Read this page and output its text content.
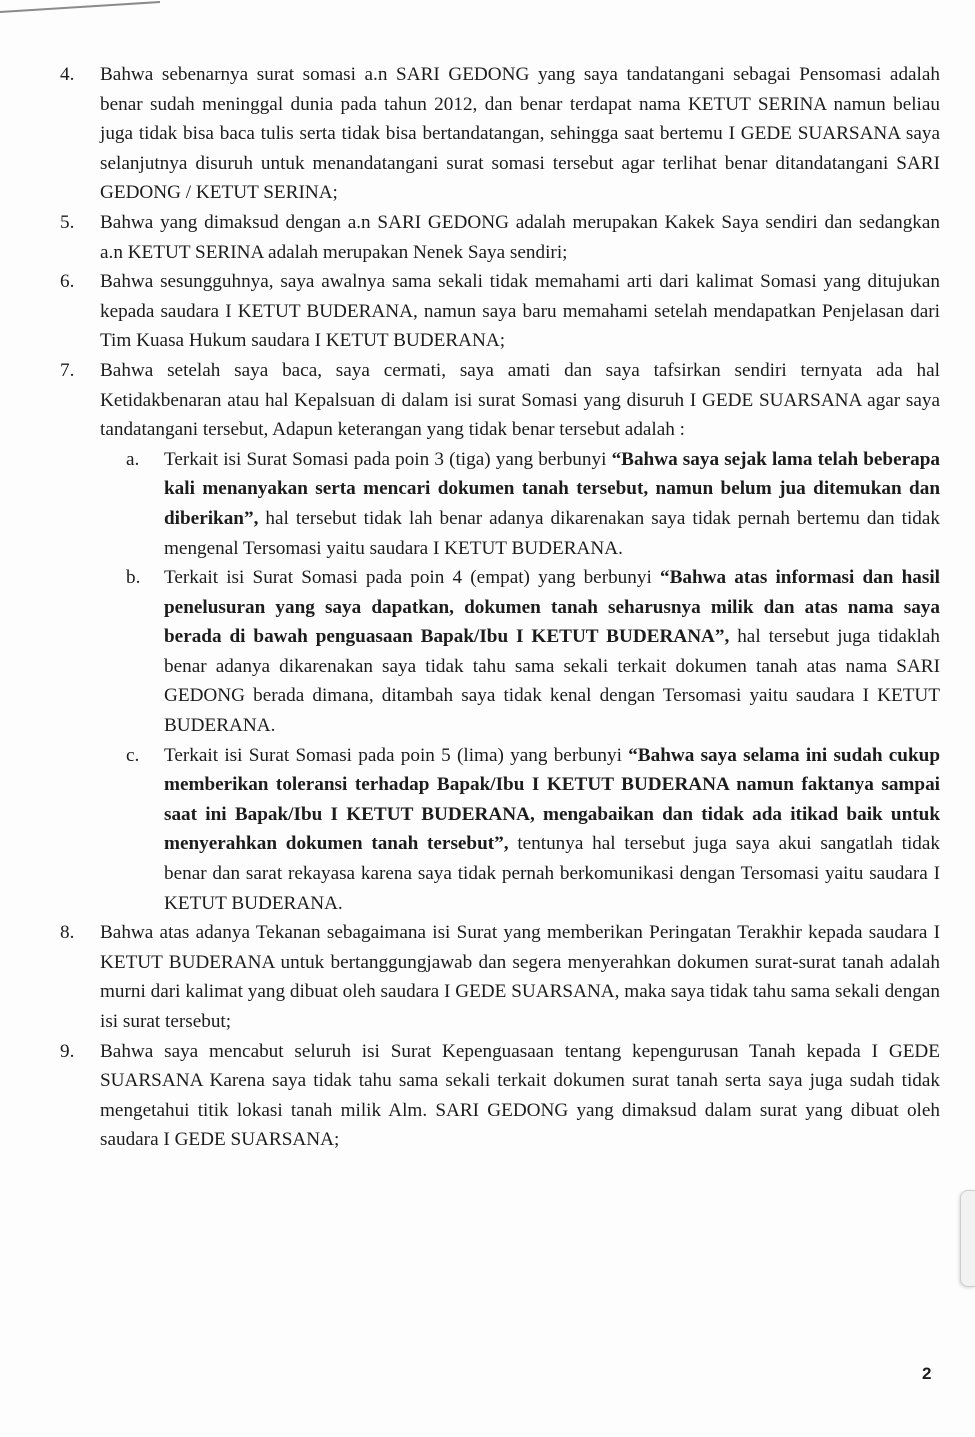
4. Bahwa sebenarnya surat somasi a.n SARI GEDONG yang saya tandatangani sebagai Pensomasi adalah benar sudah meninggal dunia pada tahun 2012, dan benar terdapat nama KETUT SERINA namun beliau juga tidak bisa baca tulis serta tidak bisa bertandatangan, sehingga saat bertemu I GEDE SUARSANA saya selanjutnya disuruh untuk menandatangani surat somasi tersebut agar terlihat benar ditandatangani SARI GEDONG / KETUT SERINA;

5. Bahwa yang dimaksud dengan a.n SARI GEDONG adalah merupakan Kakek Saya sendiri dan sedangkan a.n KETUT SERINA adalah merupakan Nenek Saya sendiri;

6. Bahwa sesungguhnya, saya awalnya sama sekali tidak memahami arti dari kalimat Somasi yang ditujukan kepada saudara I KETUT BUDERANA, namun saya baru memahami setelah mendapatkan Penjelasan dari Tim Kuasa Hukum saudara I KETUT BUDERANA;

7. Bahwa setelah saya baca, saya cermati, saya amati dan saya tafsirkan sendiri ternyata ada hal Ketidakbenaran atau hal Kepalsuan di dalam isi surat Somasi yang disuruh I GEDE SUARSANA agar saya tandatangani tersebut, Adapun keterangan yang tidak benar tersebut adalah :

a. Terkait isi Surat Somasi pada poin 3 (tiga) yang berbunyi “Bahwa saya sejak lama telah beberapa kali menanyakan serta mencari dokumen tanah tersebut, namun belum jua ditemukan dan diberikan”, hal tersebut tidak lah benar adanya dikarenakan saya tidak pernah bertemu dan tidak mengenal Tersomasi yaitu saudara I KETUT BUDERANA.

b. Terkait isi Surat Somasi pada poin 4 (empat) yang berbunyi “Bahwa atas informasi dan hasil penelusuran yang saya dapatkan, dokumen tanah seharusnya milik dan atas nama saya berada di bawah penguasaan Bapak/Ibu I KETUT BUDERANA”, hal tersebut juga tidaklah benar adanya dikarenakan saya tidak tahu sama sekali terkait dokumen tanah atas nama SARI GEDONG berada dimana, ditambah saya tidak kenal dengan Tersomasi yaitu saudara I KETUT BUDERANA.

c. Terkait isi Surat Somasi pada poin 5 (lima) yang berbunyi “Bahwa saya selama ini sudah cukup memberikan toleransi terhadap Bapak/Ibu I KETUT BUDERANA namun faktanya sampai saat ini Bapak/Ibu I KETUT BUDERANA, mengabaikan dan tidak ada itikad baik untuk menyerahkan dokumen tanah tersebut”, tentunya hal tersebut juga saya akui sangatlah tidak benar dan sarat rekayasa karena saya tidak pernah berkomunikasi dengan Tersomasi yaitu saudara I KETUT BUDERANA.

8. Bahwa atas adanya Tekanan sebagaimana isi Surat yang memberikan Peringatan Terakhir kepada saudara I KETUT BUDERANA untuk bertanggungjawab dan segera menyerahkan dokumen surat-surat tanah adalah murni dari kalimat yang dibuat oleh saudara I GEDE SUARSANA, maka saya tidak tahu sama sekali dengan isi surat tersebut;

9. Bahwa saya mencabut seluruh isi Surat Kepenguasaan tentang kepengurusan Tanah kepada I GEDE SUARSANA Karena saya tidak tahu sama sekali terkait dokumen surat tanah serta saya juga sudah tidak mengetahui titik lokasi tanah milik Alm. SARI GEDONG yang dimaksud dalam surat yang dibuat oleh saudara I GEDE SUARSANA;

2
